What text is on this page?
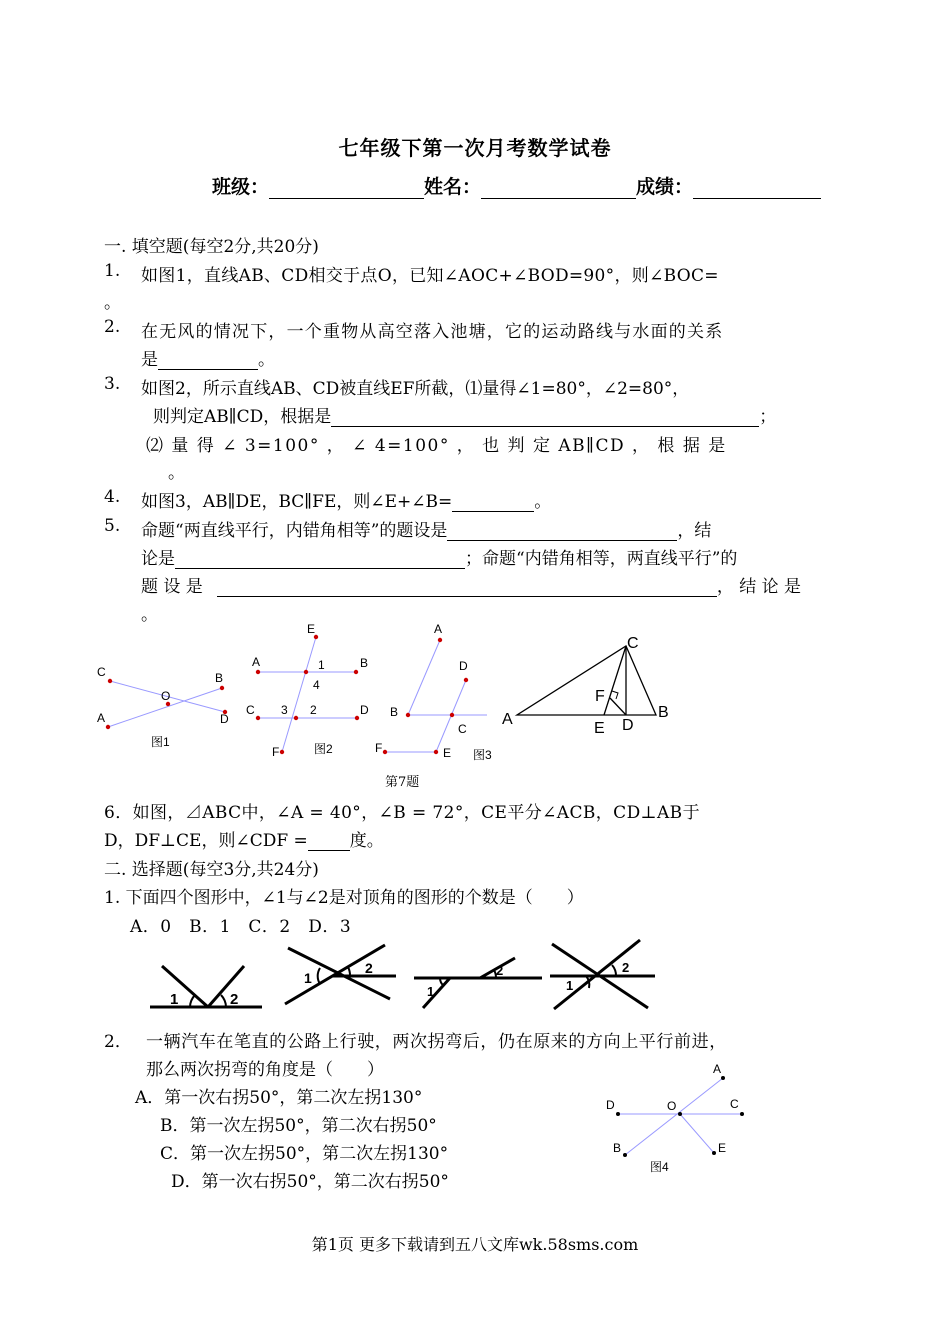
七年级下第一次月考数学试卷
班级：	姓名：	成绩：
一. 填空题(每空2分,共20分)
1. 如图1，直线AB、CD相交于点O，已知∠AOC+∠BOD=90°，则∠BOC=
。
2. 在无风的情况下，一个重物从高空落入池塘，它的运动路线与水面的关系
是	。
3. 如图2，所示直线AB、CD被直线EF所截，⑴量得∠1=80°，∠2=80°，
则判定AB∥CD，根据是	；
⑵ 量 得 ∠ 3=100° ， ∠ 4=100° ， 也 判 定 AB∥CD ， 根 据 是
。
4. 如图3，AB∥DE，BC∥FE，则∠E+∠B=	。
5. 命题“两直线平行，内错角相等”的题设是	，结
论是	；命题“内错角相等，两直线平行”的
题 设 是	， 结 论 是
。
C
O
B
A	D
图1
E
A	B
C	D
F
1
4
3 2
图2
A
D
B
C
F	E 图3
C
F
A
E D
B
第7题
6．如图，⊿ABC中，∠A = 40°，∠B = 72°，CE平分∠ACB，CD⊥AB于
D，DF⊥CE，则∠CDF = 度。
二. 选择题(每空3分,共24分)
1. 下面四个图形中，∠1与∠2是对顶角的图形的个数是（　　）
A．0　B．1　C．2　D．3
1	2
1
2
1
2
1
2
2． 一辆汽车在笔直的公路上行驶，两次拐弯后，仍在原来的方向上平行前进，
那么两次拐弯的角度是（　　）
A．第一次右拐50°，第二次左拐130°
B．第一次左拐50°，第二次右拐50°
C．第一次左拐50°，第二次左拐130°
D．第一次右拐50°，第二次右拐50°
A
D	O	C
B	E
图4
第1页 更多下载请到五八文库wk.58sms.com
